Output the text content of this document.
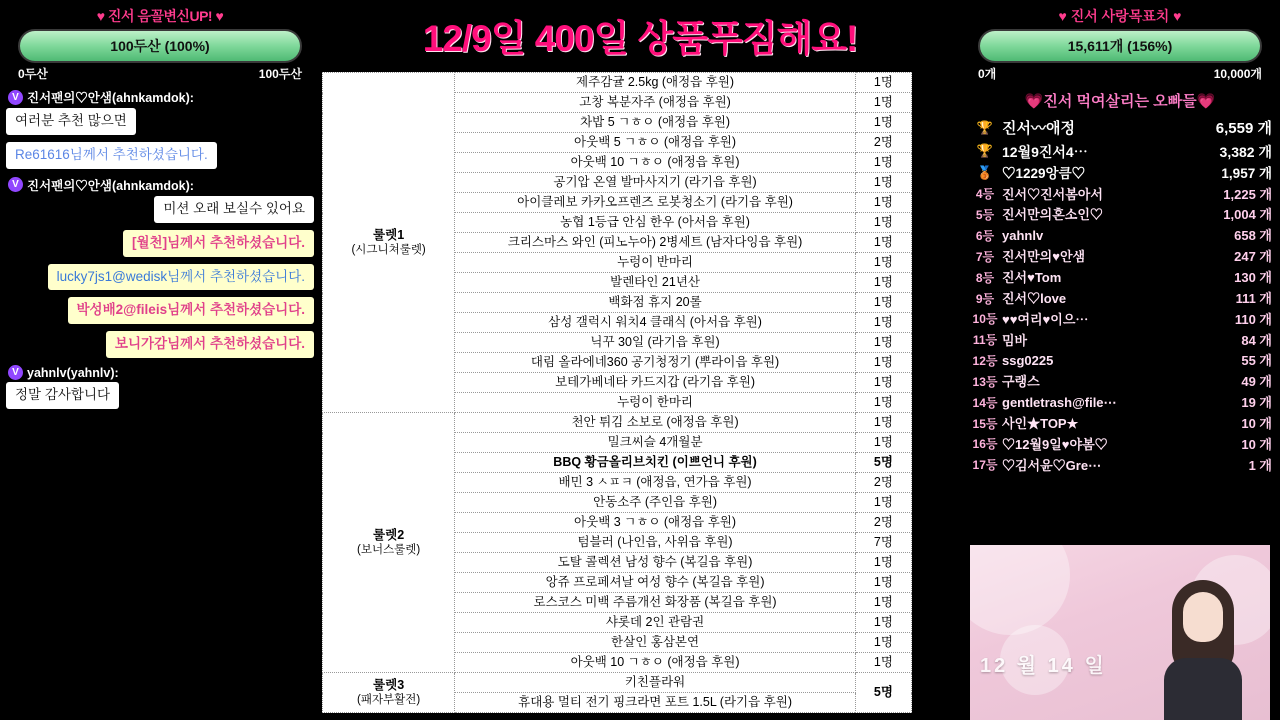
♥ 진서 음꼴변신UP! ♥
100두산 (100%)
0두산	100두산
V 진서팬의♡안샘(ahnkamdok):
여러분 추천 많으면
Re61616님께서 추천하셨습니다.
V 진서팬의♡안샘(ahnkamdok):
미션 오래 보실수 있어요
[월천]님께서 추천하셨습니다.
lucky7js1@wedisk님께서 추천하셨습니다.
박성배2@fileis님께서 추천하셨습니다.
보니가감님께서 추천하셨습니다.
V yahnlv(yahnlv):
정말 감사합니다
12/9일 400일 상품푸짐해요!
룰렛1
(시그니쳐룰렛)	제주감귤 2.5kg (애정읍 후원)	1명
	고창 복분자주 (애정읍 후원)	1명
	차밥 5 ㄱㅎㅇ (애정읍 후원)	1명
	아웃백 5 ㄱㅎㅇ (애정읍 후원)	2명
	아웃백 10 ㄱㅎㅇ (애정읍 후원)	1명
	공기압 온열 발마사지기 (라기읍 후원)	1명
	아이클레보 카카오프렌즈 로봇청소기 (라기읍 후원)	1명
	농협 1등급 안심 한우 (아서읍 후원)	1명
	크리스마스 와인 (피노누아) 2병세트 (남자다잉읍 후원)	1명
	누렁이 반마리	1명
	발렌타인 21년산	1명
	백화점 휴지 20롤	1명
	삼성 갤럭시 워치4 클래식 (아서읍 후원)	1명
	닉꾸 30일 (라기읍 후원)	1명
	대림 올라에네360 공기청정기 (뿌라이읍 후원)	1명
	보테가베네타 카드지갑 (라기읍 후원)	1명
	누렁이 한마리	1명

룰렛2
(보너스룰렛)	천안 튀김 소보로 (애정읍 후원)	1명
	밀크씨슬 4개월분	1명
	BBQ 황금올리브치킨 (이쁘언니 후원)	5명
	배민 3 ㅅㅍㅋ (애정읍, 연가읍 후원)	2명
	안동소주 (주인읍 후원)	1명
	아웃백 3 ㄱㅎㅇ (애정읍 후원)	2명
	텀블러 (나인읍, 사위읍 후원)	7명
	도탈 콜렉션 남성 향수 (복길읍 후원)	1명
	앙쥬 프로페셔날 여성 향수 (복길읍 후원)	1명
	로스코스 미백 주름개선 화장품 (복길읍 후원)	1명
	샤롯데 2인 관람권	1명
	한살인 홍삼본연	1명
	아웃백 10 ㄱㅎㅇ (애정읍 후원)	1명

룰렛3
(패자부활전)	키친플라워	5명
	휴대용 멀티 전기 핑크라면 포트 1.5L (라기읍 후원)	
♥ 진서 사랑목표치 ♥
15,611개 (156%)
0개	10,000개
💗진서 먹여살리는 오빠들💗
🏆 진서〰애정	6,559 개
🏆 12월9진서4⋯	3,382 개
🥉 ♡1229앙큼♡	1,957 개
4등 진서♡진서봄아서	1,225 개
5등 진서만의혼소인♡	1,004 개
6등 yahnlv	658 개
7등 진서만의♥안샘	247 개
8등 진서♥Tom	130 개
9등 진서♡love	111 개
10등 ♥♥여리♥이으⋯	110 개
11등 밈바	84 개
12등 ssg0225	55 개
13등 구랭스	49 개
14등 gentletrash@file⋯	19 개
15등 사인★TOP★	10 개
16등 ♡12월9일♥야봄♡	10 개
17등 ♡김서윤♡Gre⋯	1 개
12 월 14 일
